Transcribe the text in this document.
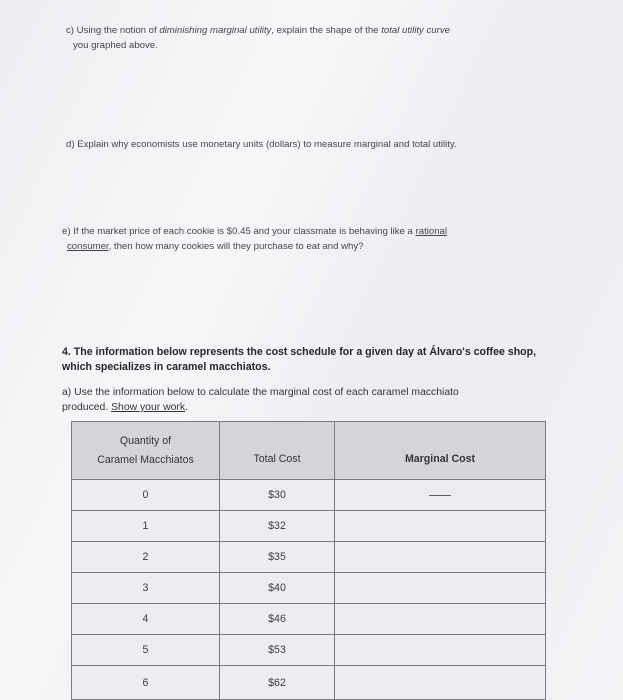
c) Using the notion of diminishing marginal utility, explain the shape of the total utility curve
you graphed above.
d) Explain why economists use monetary units (dollars) to measure marginal and total utility.
e) If the market price of each cookie is $0.45 and your classmate is behaving like a rational
consumer, then how many cookies will they purchase to eat and why?
4. The information below represents the cost schedule for a given day at Álvaro's coffee shop,
which specializes in caramel macchiatos.
a) Use the information below to calculate the marginal cost of each caramel macchiato
produced. Show your work.
Quantity of
Caramel Macchiatos	Total Cost	Marginal Cost
0	$30	
1	$32	
2	$35	
3	$40	
4	$46	
5	$53	
6	$62	
